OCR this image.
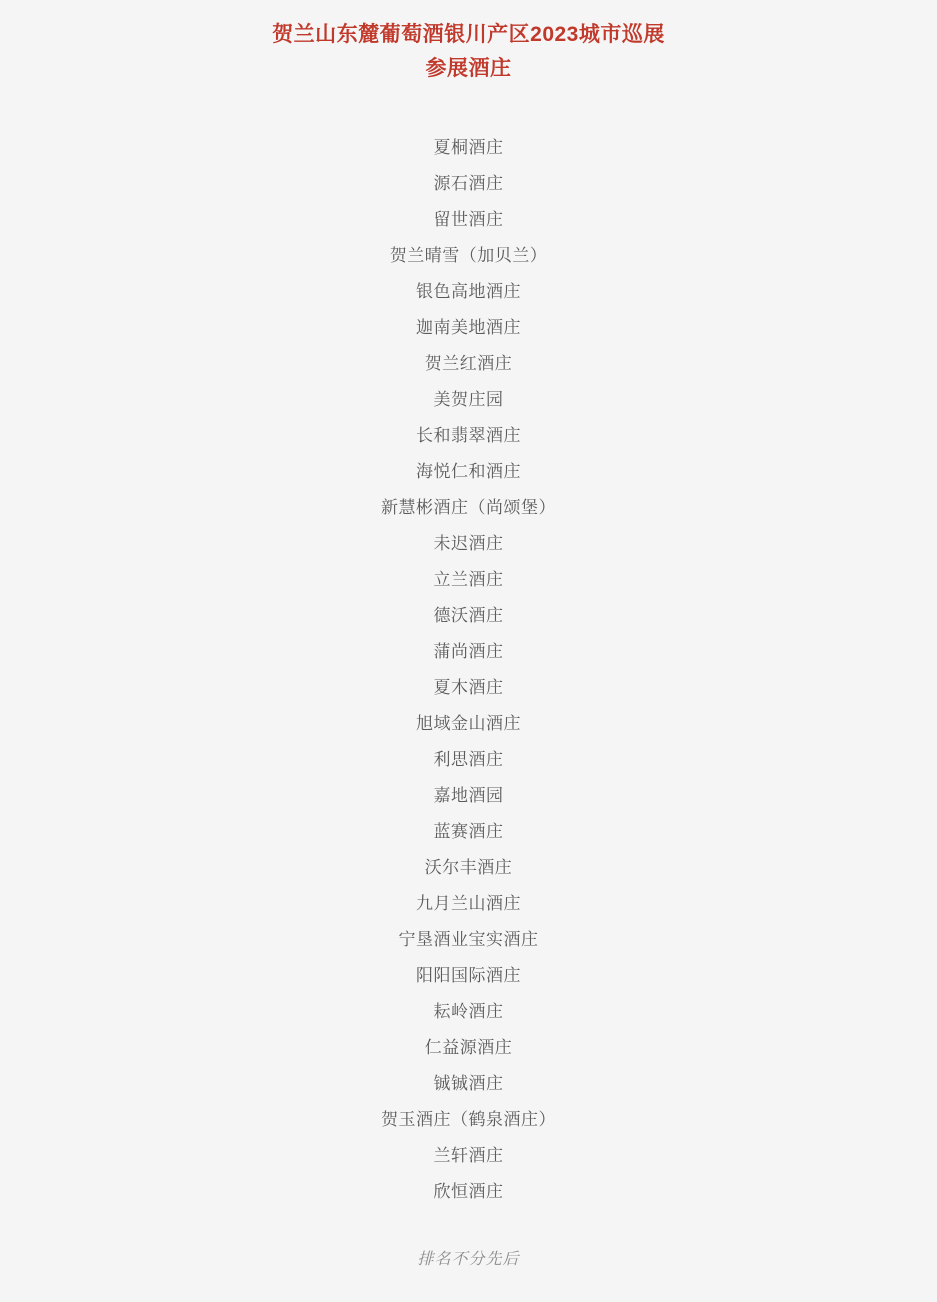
贺兰山东麓葡萄酒银川产区2023城市巡展
参展酒庄
夏桐酒庄
源石酒庄
留世酒庄
贺兰晴雪（加贝兰）
银色高地酒庄
迦南美地酒庄
贺兰红酒庄
美贺庄园
长和翡翠酒庄
海悦仁和酒庄
新慧彬酒庄（尚颂堡）
未迟酒庄
立兰酒庄
德沃酒庄
蒲尚酒庄
夏木酒庄
旭域金山酒庄
利思酒庄
嘉地酒园
蓝赛酒庄
沃尔丰酒庄
九月兰山酒庄
宁垦酒业宝实酒庄
阳阳国际酒庄
耘岭酒庄
仁益源酒庄
铖铖酒庄
贺玉酒庄（鹤泉酒庄）
兰轩酒庄
欣恒酒庄
排名不分先后
